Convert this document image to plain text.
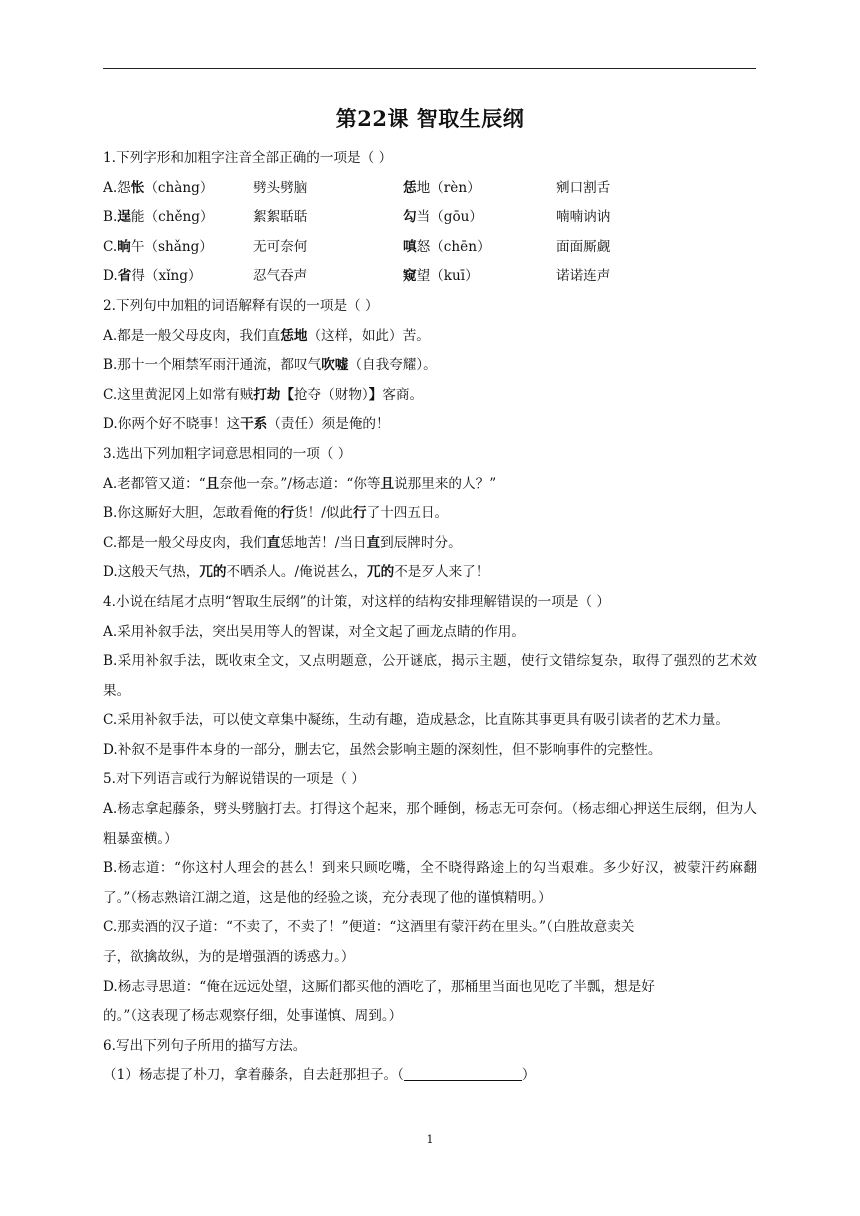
第22课 智取生辰纲
1.下列字形和加粗字注音全部正确的一项是（ ）
A.怨怅（chàng）	劈头劈脑	恁地（rèn）	剜口割舌
B.逞能（chěng）	絮絮聒聒	勾当（gōu）	喃喃讷讷
C.晌午（shǎng）	无可奈何	嗔怒（chēn）	面面厮觑
D.省得（xǐng）	忍气吞声	窥望（kuī）	诺诺连声
2.下列句中加粗的词语解释有误的一项是（ ）
A.都是一般父母皮肉，我们直恁地（这样，如此）苦。
B.那十一个厢禁军雨汗通流，都叹气吹嘘（自我夸耀）。
C.这里黄泥冈上如常有贼打劫【抢夺（财物）】客商。
D.你两个好不晓事！这干系（责任）须是俺的！
3.选出下列加粗字词意思相同的一项（ ）
A.老都管又道：“且奈他一奈。”/杨志道：“你等且说那里来的人？”
B.你这厮好大胆，怎敢看俺的行货！/似此行了十四五日。
C.都是一般父母皮肉，我们直恁地苦！/当日直到辰牌时分。
D.这般天气热，兀的不晒杀人。/俺说甚么，兀的不是歹人来了！
4.小说在结尾才点明“智取生辰纲”的计策，对这样的结构安排理解错误的一项是（ ）
A.采用补叙手法，突出吴用等人的智谋，对全文起了画龙点睛的作用。
B.采用补叙手法，既收束全文，又点明题意，公开谜底，揭示主题，使行文错综复杂，取得了强烈的艺术效果。
C.采用补叙手法，可以使文章集中凝练，生动有趣，造成悬念，比直陈其事更具有吸引读者的艺术力量。
D.补叙不是事件本身的一部分，删去它，虽然会影响主题的深刻性，但不影响事件的完整性。
5.对下列语言或行为解说错误的一项是（ ）
A.杨志拿起藤条，劈头劈脑打去。打得这个起来，那个睡倒，杨志无可奈何。（杨志细心押送生辰纲，但为人粗暴蛮横。）
B.杨志道：“你这村人理会的甚么！到来只顾吃嘴，全不晓得路途上的勾当艰难。多少好汉，被蒙汗药麻翻了。”（杨志熟谙江湖之道，这是他的经验之谈，充分表现了他的谨慎精明。）
C.那卖酒的汉子道：“不卖了，不卖了！”便道：“这酒里有蒙汗药在里头。”（白胜故意卖关
子，欲擒故纵，为的是增强酒的诱惑力。）
D.杨志寻思道：“俺在远远处望，这厮们都买他的酒吃了，那桶里当面也见吃了半瓢，想是好
的。”（这表现了杨志观察仔细，处事谨慎、周到。）
6.写出下列句子所用的描写方法。
（1）杨志提了朴刀，拿着藤条，自去赶那担子。（	）
1
